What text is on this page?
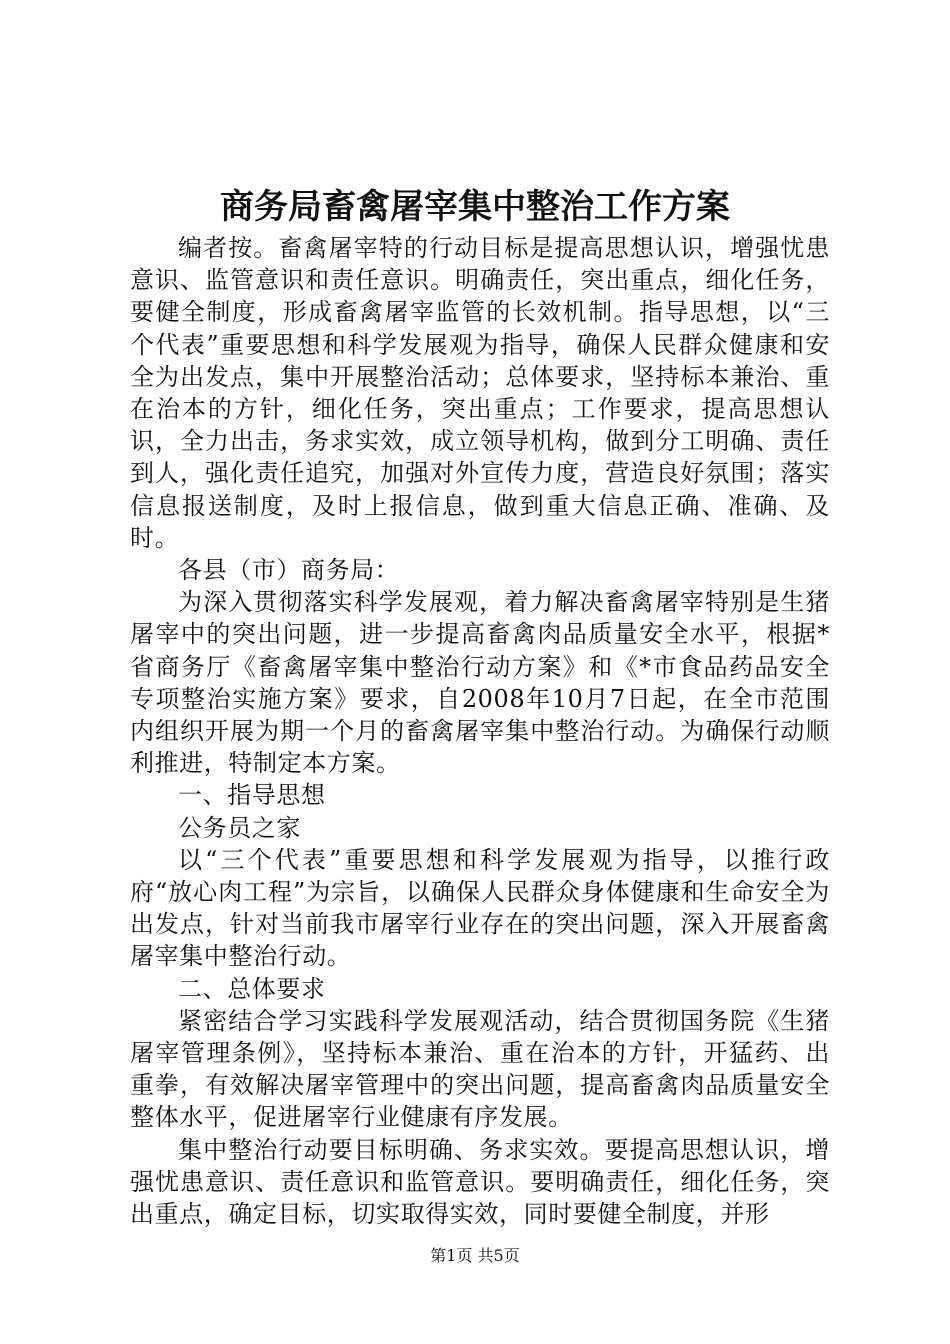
商务局畜禽屠宰集中整治工作方案

编者按。畜禽屠宰特的行动目标是提高思想认识，增强忧患意识、监管意识和责任意识。明确责任，突出重点，细化任务，要健全制度，形成畜禽屠宰监管的长效机制。指导思想，以“三个代表”重要思想和科学发展观为指导，确保人民群众健康和安全为出发点，集中开展整治活动；总体要求，坚持标本兼治、重在治本的方针，细化任务，突出重点；工作要求，提高思想认识，全力出击，务求实效，成立领导机构，做到分工明确、责任到人，强化责任追究，加强对外宣传力度，营造良好氛围；落实信息报送制度，及时上报信息，做到重大信息正确、准确、及时。

各县（市）商务局：

为深入贯彻落实科学发展观，着力解决畜禽屠宰特别是生猪屠宰中的突出问题，进一步提高畜禽肉品质量安全水平，根据*省商务厅《畜禽屠宰集中整治行动方案》和《*市食品药品安全专项整治实施方案》要求，自2008年10月7日起，在全市范围内组织开展为期一个月的畜禽屠宰集中整治行动。为确保行动顺利推进，特制定本方案。

一、指导思想

公务员之家

以“三个代表”重要思想和科学发展观为指导，以推行政府“放心肉工程”为宗旨，以确保人民群众身体健康和生命安全为出发点，针对当前我市屠宰行业存在的突出问题，深入开展畜禽屠宰集中整治行动。

二、总体要求

紧密结合学习实践科学发展观活动，结合贯彻国务院《生猪屠宰管理条例》，坚持标本兼治、重在治本的方针，开猛药、出重拳，有效解决屠宰管理中的突出问题，提高畜禽肉品质量安全整体水平，促进屠宰行业健康有序发展。

集中整治行动要目标明确、务求实效。要提高思想认识，增强忧患意识、责任意识和监管意识。要明确责任，细化任务，突出重点，确定目标，切实取得实效，同时要健全制度，并形

第1页 共5页
